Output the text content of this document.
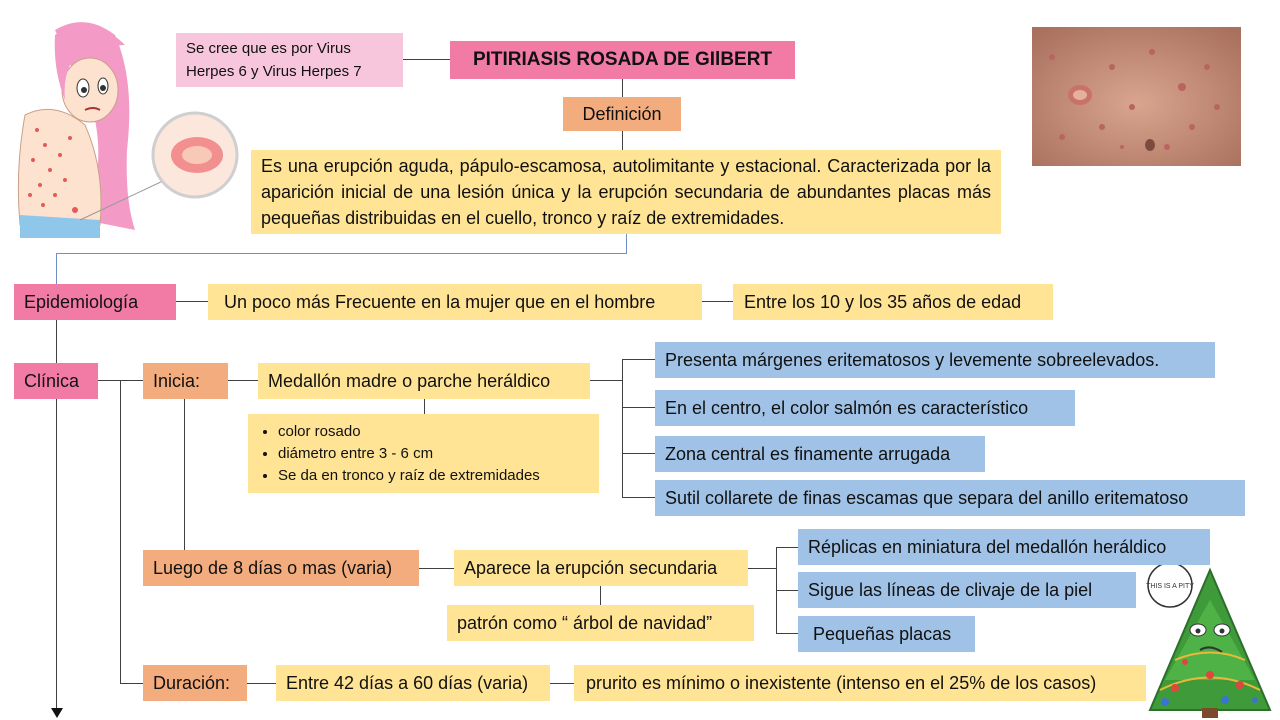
THIS IS A PITY
Se cree que es por Virus Herpes 6 y Virus Herpes 7
PITIRIASIS ROSADA DE GIlBERT
Definición
Es una erupción aguda, pápulo-escamosa, autolimitante y estacional. Caracterizada por la aparición inicial de una lesión única y la erupción secundaria de abundantes placas más pequeñas distribuidas en el cuello, tronco y raíz de extremidades.
Epidemiología	Un poco más Frecuente en la mujer que en el hombre	Entre los 10 y los 35 años de edad
Clínica	Inicia:	Medallón madre o parche heráldico
• color rosado
• diámetro entre 3 - 6 cm
• Se da en tronco y raíz de extremidades
Presenta márgenes eritematosos y levemente sobreelevados.
En el centro, el color salmón es característico
Zona central es finamente arrugada
Sutil collarete de finas escamas que separa del anillo eritematoso
Luego de 8 días o mas (varia)	Aparece la erupción secundaria
patrón como “ árbol de navidad”
Réplicas en miniatura del medallón heráldico
Sigue las líneas de clivaje de la piel
Pequeñas placas
Duración:	Entre 42 días a 60 días (varia)	prurito es mínimo o inexistente (intenso en el 25% de los casos)
